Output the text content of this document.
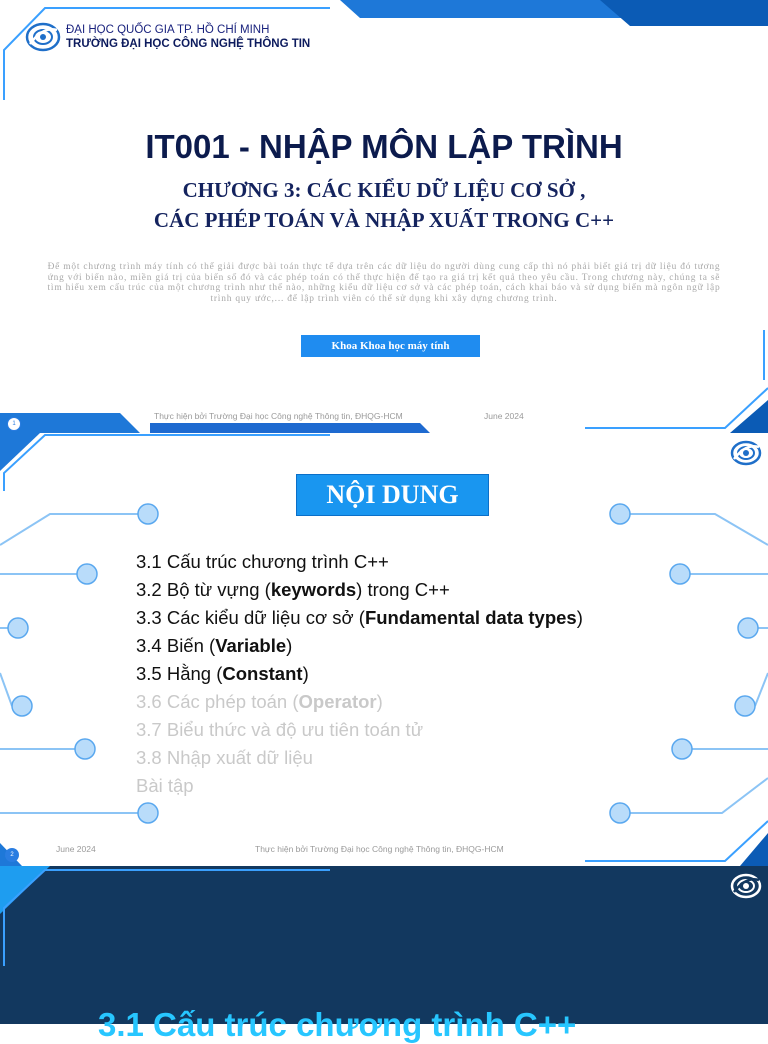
ĐẠI HỌC QUỐC GIA TP. HỒ CHÍ MINH
TRƯỜNG ĐẠI HỌC CÔNG NGHỆ THÔNG TIN
IT001 - NHẬP MÔN LẬP TRÌNH
CHƯƠNG 3: CÁC KIỂU DỮ LIỆU CƠ SỞ ,
CÁC PHÉP TOÁN VÀ NHẬP XUẤT TRONG C++
Để một chương trình máy tính có thể giải được bài toán thực tế dựa trên các dữ liệu do người dùng cung cấp thì nó phải biết giá trị dữ liệu đó tương ứng với biến nào, miền giá trị của biến số đó và các phép toán có thể thực hiện để tạo ra giá trị kết quả theo yêu cầu. Trong chương này, chúng ta sẽ tìm hiểu xem cấu trúc của một chương trình như thế nào, những kiểu dữ liệu cơ sở và các phép toán, cách khai báo và sử dụng biến mà ngôn ngữ lập trình quy ước,... để lập trình viên có thể sử dụng khi xây dựng chương trình.
Khoa Khoa học máy tính
1
Thực hiện bởi Trường Đại học Công nghệ Thông tin, ĐHQG-HCM	June 2024
NỘI DUNG
3.1 Cấu trúc chương trình C++
3.2 Bộ từ vựng (keywords) trong C++
3.3 Các kiểu dữ liệu cơ sở (Fundamental data types)
3.4 Biến (Variable)
3.5 Hằng (Constant)
3.6 Các phép toán (Operator)
3.7 Biểu thức và độ ưu tiên toán tử
3.8 Nhập xuất dữ liệu
Bài tập
2
June 2024	Thực hiện bởi Trường Đại học Công nghệ Thông tin, ĐHQG-HCM
3.1 Cấu trúc chương trình C++
